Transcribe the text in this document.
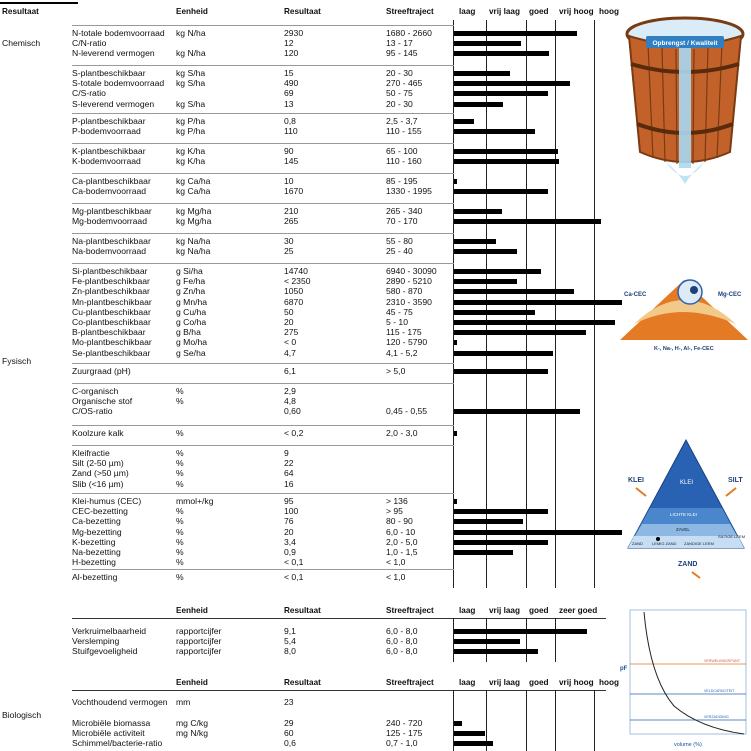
Resultaat	Eenheid	Resultaat	Streeftraject	laag vrij laag goed vrij hoog hoog
Chemisch
Fysisch
Biologisch
N-totale bodemvoorraad kg N/ha	2930	1680 - 2660
C/N-ratio	12	13 - 17
N-leverend vermogen kg N/ha	120	95 - 145
S-plantbeschikbaar	kg S/ha	15	20 - 30
S-totale bodemvoorraad kg S/ha	490	270 - 465
C/S-ratio	69	50 - 75
S-leverend vermogen	kg S/ha	13	20 - 30
P-plantbeschikbaar	kg P/ha	0,8	2,5 - 3,7
P-bodemvoorraad	kg P/ha	110	110 - 155
K-plantbeschikbaar	kg K/ha	90	65 - 100
K-bodemvoorraad	kg K/ha	145	110 - 160
Ca-plantbeschikbaar	kg Ca/ha	10	85 - 195
Ca-bodemvoorraad	kg Ca/ha	1670	1330 - 1995
Mg-plantbeschikbaar	kg Mg/ha	210	265 - 340
Mg-bodemvoorraad	kg Mg/ha	265	70 - 170
Na-plantbeschikbaar	kg Na/ha	30	55 - 80
Na-bodemvoorraad	kg Na/ha	25	25 - 40
Si-plantbeschikbaar	g Si/ha	14740	6940 - 30090
Fe-plantbeschikbaar	g Fe/ha	< 2350	2890 - 5210
Zn-plantbeschikbaar	g Zn/ha	1050	580 - 870
Mn-plantbeschikbaar	g Mn/ha	6870	2310 - 3590
Cu-plantbeschikbaar	g Cu/ha	50	45 - 75
Co-plantbeschikbaar	g Co/ha	20	5 - 10
B-plantbeschikbaar	g B/ha	275	115 - 175
Mo-plantbeschikbaar	g Mo/ha	< 0	120 - 5790
Se-plantbeschikbaar	g Se/ha	4,7	4,1 - 5,2
Zuurgraad (pH)	6,1	> 5,0
C-organisch	%	2,9
Organische stof	%	4,8
C/OS-ratio	0,60	0,45 - 0,55
Koolzure kalk	%	< 0,2	2,0 - 3,0
Kleifractie	%	9
Silt (2-50 µm)	%	22
Zand (>50 µm)	%	64
Slib (<16 µm)	%	16
Klei-humus (CEC)	mmol+/kg	95	> 136
CEC-bezetting	%	100	> 95
Ca-bezetting	%	76	80 - 90
Mg-bezetting	%	20	6,0 - 10
K-bezetting	%	3,4	2,0 - 5,0
Na-bezetting	%	0,9	1,0 - 1,5
H-bezetting	%	< 0,1	< 1,0
Al-bezetting	%	< 0,1	< 1,0
Eenheid	Resultaat	Streeftraject	laag vrij laag goed zeer goed
Verkruimelbaarheid	rapportcijfer	9,1	6,0 - 8,0
Verslemping	rapportcijfer	5,4	6,0 - 8,0
Stuifgevoeligheid	rapportcijfer	8,0	6,0 - 8,0
Eenheid	Resultaat	Streeftraject	laag vrij laag goed vrij hoog hoog
Vochthoudend vermogen mm	23
Microbiële biomassa	mg C/kg	29	240 - 720
Microbiële activiteit	mg N/kg	60	125 - 175
Schimmel/bacterie-ratio	0,6	0,7 - 1,0
Opbrengst / Kwaliteit
Ca-CEC	Mg-CEC
K-, Na-, H-, Al-, Fe-CEC
KLEI
LICHTE KLEI
ZAVEL
ZAND LEMIG ZAND ZANDIGE LEEM
SILTIGE LEEM
KLEI	SILT
ZAND
VERWELKINGSPUNT
VELDCAPACITEIT
VERZADIGING
pF
volume (%)
